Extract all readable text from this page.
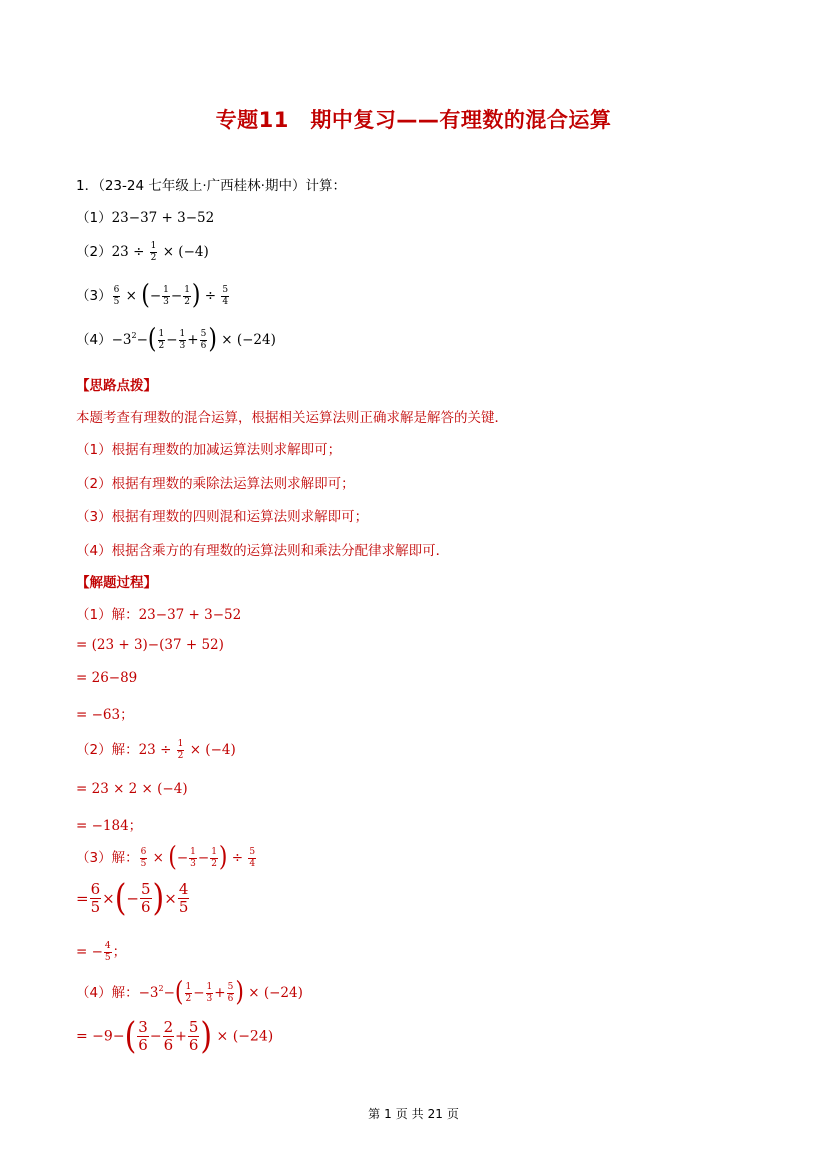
专题11　期中复习——有理数的混合运算
1．（23-24 七年级上·广西桂林·期中）计算：
（1）23−37 + 3−52
$(2)23 \div \frac{1}{2} \times (-4)$
$(3) \frac{6}{5}$ × (− $\frac{1}{3} - \frac{1}{2}$ ) ÷ $\frac{5}{4}$
$(4)-3^2-( \frac{1}{2} - \frac{1}{3} + \frac{5}{6}$ ) × (−24)
【思路点拨】
本题考查有理数的混合运算，根据相关运算法则正确求解是解答的关键．
（1）根据有理数的加减运算法则求解即可；
（2）根据有理数的乘除法运算法则求解即可；
（3）根据有理数的四则混和运算法则求解即可；
（4）根据含乘方的有理数的运算法则和乘法分配律求解即可．
【解题过程】
（1）解：23−37 + 3−52
= (23 + 3)−(37 + 52)
= 26−89
= −63；
（2）解：$23 \div \frac{1}{2} \times (-4)$
= 23 × 2 × (−4)
= −184；
（3）解： $\frac{6}{5}$ × (− $\frac{1}{3} - \frac{1}{2}$ ) ÷ $\frac{5}{4}$
= $\frac{6}{5}$ ×(− $\frac{5}{6}$ )× $\frac{4}{5}$
= − $\frac{4}{5}$ ；
（4）解：$-3^2-( \frac{1}{2} - \frac{1}{3} + \frac{5}{6}$ ) × (−24)
= $-9-( \frac{3}{6} - \frac{2}{6} + \frac{5}{6}$ ) × (−24)
第 1 页 共 21 页
